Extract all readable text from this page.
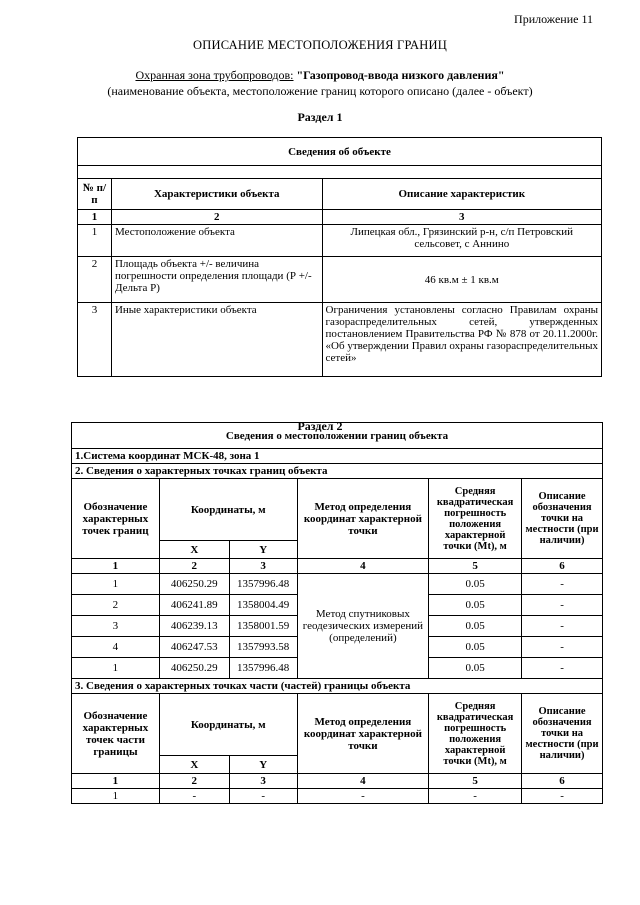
Приложение 11
ОПИСАНИЕ МЕСТОПОЛОЖЕНИЯ ГРАНИЦ
Охранная зона трубопроводов: "Газопровод-ввода низкого давления"
(наименование объекта, местоположение границ которого описано (далее - объект)
Раздел 1
Сведения об объекте		

№ п/п	Характеристики объекта	Описание характеристик
1	2	3
1	Местоположение объекта	Липецкая обл., Грязинский р-н, с/п Петровский сельсовет, с Аннино
2	Площадь объекта +/- величина погрешности определения площади (Р +/- Дельта Р)	46 кв.м ± 1 кв.м
3	Иные характеристики объекта	Ограничения установлены согласно Правилам охраны газораспределительных сетей, утвержденных постановлением Правительства РФ № 878 от 20.11.2000г. «Об утверждении Правил охраны газораспределительных сетей»
Раздел 2
Сведения о местоположении границ объекта					
1.Система координат МСК-48, зона 1					
2. Сведения о характерных точках границ объекта					
Обозначение характерных точек границ	Координаты, м		Метод определения координат характерной точки	Средняя квадратическая погрешность положения характерной точки (Mt), м	Описание обозначения точки на местности (при наличии)
	X	Y			
1	2	3	4	5	6
1	406250.29	1357996.48	Метод спутниковых геодезических измерений (определений)	0.05	-
2	406241.89	1358004.49		0.05	-
3	406239.13	1358001.59		0.05	-
4	406247.53	1357993.58		0.05	-
1	406250.29	1357996.48		0.05	-
3. Сведения о характерных точках части (частей) границы объекта					
Обозначение характерных точек части границы	Координаты, м		Метод определения координат характерной точки	Средняя квадратическая погрешность положения характерной точки (Mt), м	Описание обозначения точки на местности (при наличии)
	X	Y			
1	2	3	4	5	6
1	-	-	-	-	-
